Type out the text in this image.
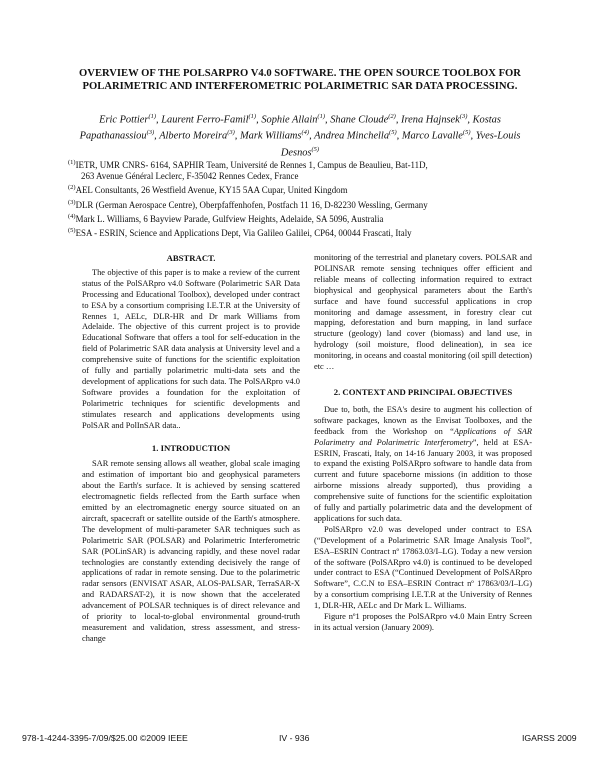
OVERVIEW OF THE POLSARPRO V4.0 SOFTWARE. THE OPEN SOURCE TOOLBOX FOR POLARIMETRIC AND INTERFEROMETRIC POLARIMETRIC SAR DATA PROCESSING.
Eric Pottier$^{(1)}$, Laurent Ferro-Famil$^{(1)}$, Sophie Allain$^{(1)}$, Shane Cloude$^{(2)}$, Irena Hajnsek$^{(3)}$, Kostas Papathanassiou$^{(3)}$, Alberto Moreira$^{(3)}$, Mark Williams$^{(4)}$, Andrea Minchella$^{(5)}$, Marco Lavalle$^{(5)}$, Yves-Louis Desnos$^{(5)}$
$^{(1)}$IETR, UMR CNRS- 6164, SAPHIR Team, Université de Rennes 1, Campus de Beaulieu, Bat-11D,
263 Avenue Général Leclerc, F-35042 Rennes Cedex, France
$^{(2)}$AEL Consultants, 26 Westfield Avenue, KY15 5AA Cupar, United Kingdom
$^{(3)}$DLR (German Aerospace Centre), Oberpfaffenhofen, Postfach 11 16, D-82230 Wessling, Germany
$^{(4)}$Mark L. Williams, 6 Bayview Parade, Gulfview Heights, Adelaide, SA 5096, Australia
$^{(5)}$ESA - ESRIN, Science and Applications Dept, Via Galileo Galilei, CP64, 00044 Frascati, Italy
ABSTRACT.

The objective of this paper is to make a review of the current status of the PolSARpro v4.0 Software (Polarimetric SAR Data Processing and Educational Toolbox), developed under contract to ESA by a consortium comprising I.E.T.R at the University of Rennes 1, AELc, DLR-HR and Dr mark Williams from Adelaide. The objective of this current project is to provide Educational Software that offers a tool for self-education in the field of Polarimetric SAR data analysis at University level and a comprehensive suite of functions for the scientific exploitation of fully and partially polarimetric multi-data sets and the development of applications for such data. The PolSARpro v4.0 Software provides a foundation for the exploitation of Polarimetric techniques for scientific developments and stimulates research and applications developments using PolSAR and PolInSAR data..

1. INTRODUCTION

SAR remote sensing allows all weather, global scale imaging and estimation of important bio and geophysical parameters about the Earth's surface. It is achieved by sensing scattered electromagnetic fields reflected from the Earth surface when emitted by an electromagnetic energy source situated on an aircraft, spacecraft or satellite outside of the Earth's atmosphere. The development of multi-parameter SAR techniques such as Polarimetric SAR (POLSAR) and Polarimetric Interferometric SAR (POLinSAR) is advancing rapidly, and these novel radar technologies are constantly extending decisively the range of applications of radar in remote sensing. Due to the polarimetric radar sensors (ENVISAT ASAR, ALOS-PALSAR, TerraSAR-X and RADARSAT-2), it is now shown that the accelerated advancement of POLSAR techniques is of direct relevance and of priority to local-to-global environmental ground-truth measurement and validation, stress assessment, and stress-change

monitoring of the terrestrial and planetary covers. POLSAR and POLINSAR remote sensing techniques offer efficient and reliable means of collecting information required to extract biophysical and geophysical parameters about the Earth's surface and have found successful applications in crop monitoring and damage assessment, in forestry clear cut mapping, deforestation and burn mapping, in land surface structure (geology) land cover (biomass) and land use, in hydrology (soil moisture, flood delineation), in sea ice monitoring, in oceans and coastal monitoring (oil spill detection) etc …

2. CONTEXT AND PRINCIPAL OBJECTIVES

Due to, both, the ESA's desire to augment his collection of software packages, known as the Envisat Toolboxes, and the feedback from the Workshop on “Applications of SAR Polarimetry and Polarimetric Interferometry”, held at ESA-ESRIN, Frascati, Italy, on 14-16 January 2003, it was proposed to expand the existing PolSARpro software to handle data from current and future spaceborne missions (in addition to those airborne missions already supported), thus providing a comprehensive suite of functions for the scientific exploitation of fully and partially polarimetric data and the development of applications for such data.

PolSARpro v2.0 was developed under contract to ESA (“Development of a Polarimetric SAR Image Analysis Tool”, ESA–ESRIN Contract nº 17863.03/I–LG). Today a new version of the software (PolSARpro v4.0) is continued to be developed under contract to ESA (“Continued Development of PolSARpro Software”, C.C.N to ESA–ESRIN Contract nº 17863/03/I–LG) by a consortium comprising I.E.T.R at the University of Rennes 1, DLR-HR, AELc and Dr Mark L. Williams.

Figure nº1 proposes the PolSARpro v4.0 Main Entry Screen in its actual version (January 2009).

978-1-4244-3395-7/09/$25.00 ©2009 IEEE	IV - 936	IGARSS 2009
